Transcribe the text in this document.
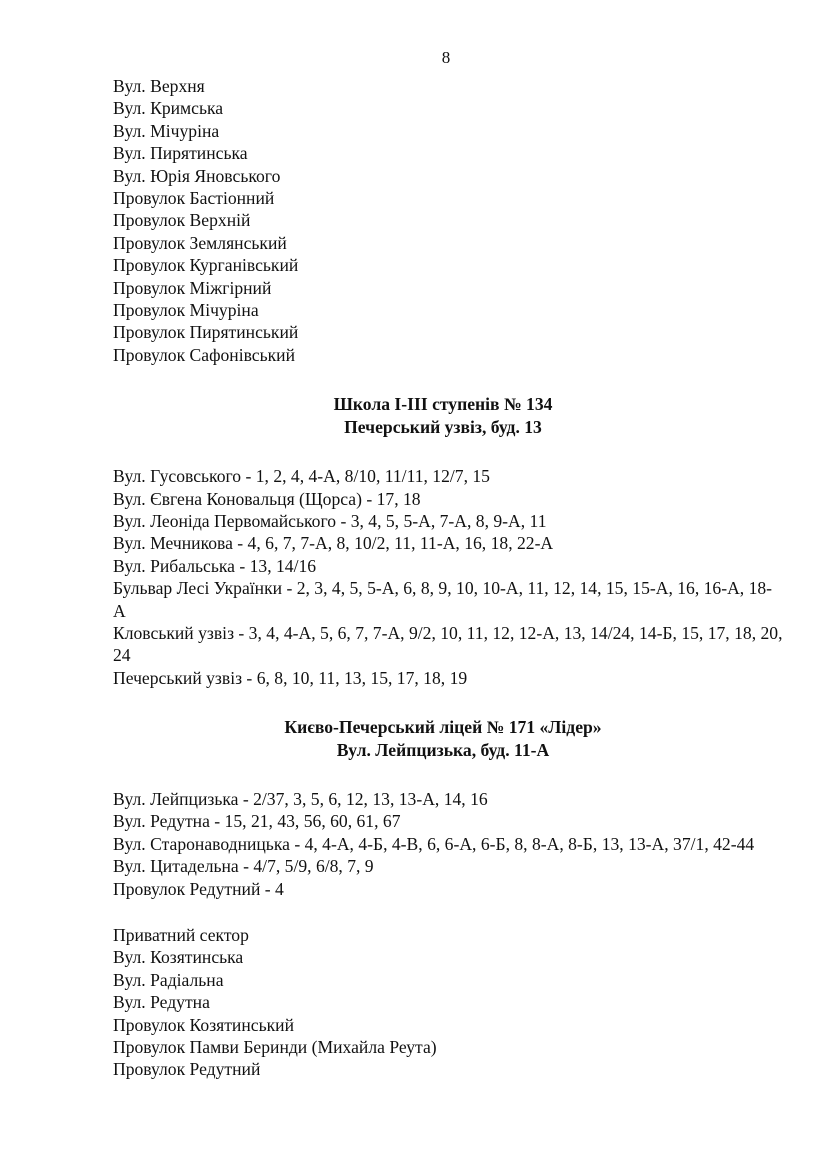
8
Вул. Верхня
Вул. Кримська
Вул. Мічуріна
Вул. Пирятинська
Вул. Юрія Яновського
Провулок Бастіонний
Провулок Верхній
Провулок Землянський
Провулок Курганівський
Провулок Міжгірний
Провулок Мічуріна
Провулок Пирятинський
Провулок Сафонівський
Школа І-ІІІ ступенів № 134
Печерський узвіз, буд. 13
Вул. Гусовського - 1, 2, 4, 4-А, 8/10, 11/11, 12/7, 15
Вул. Євгена Коновальця (Щорса) - 17, 18
Вул. Леоніда Первомайського - 3, 4, 5, 5-А, 7-А, 8, 9-А, 11
Вул. Мечникова - 4, 6, 7, 7-А, 8, 10/2, 11, 11-А, 16, 18, 22-А
Вул. Рибальська - 13, 14/16
Бульвар Лесі Українки - 2, 3, 4, 5, 5-А, 6, 8, 9, 10, 10-А, 11, 12, 14, 15, 15-А, 16, 16-А, 18-А
Кловський узвіз - 3, 4, 4-А, 5, 6, 7, 7-А, 9/2, 10, 11, 12, 12-А, 13, 14/24, 14-Б, 15, 17, 18, 20, 24
Печерський узвіз - 6, 8, 10, 11, 13, 15, 17, 18, 19
Києво-Печерський ліцей № 171 «Лідер»
Вул. Лейпцизька, буд. 11-А
Вул. Лейпцизька - 2/37, 3, 5, 6, 12, 13, 13-А, 14, 16
Вул. Редутна - 15, 21, 43, 56, 60, 61, 67
Вул. Старонаводницька - 4, 4-А, 4-Б, 4-В, 6, 6-А, 6-Б, 8, 8-А, 8-Б, 13, 13-А, 37/1, 42-44
Вул. Цитадельна - 4/7, 5/9, 6/8, 7, 9
Провулок Редутний - 4
Приватний сектор
Вул. Козятинська
Вул. Радіальна
Вул. Редутна
Провулок Козятинський
Провулок Памви Беринди (Михайла Реута)
Провулок Редутний
